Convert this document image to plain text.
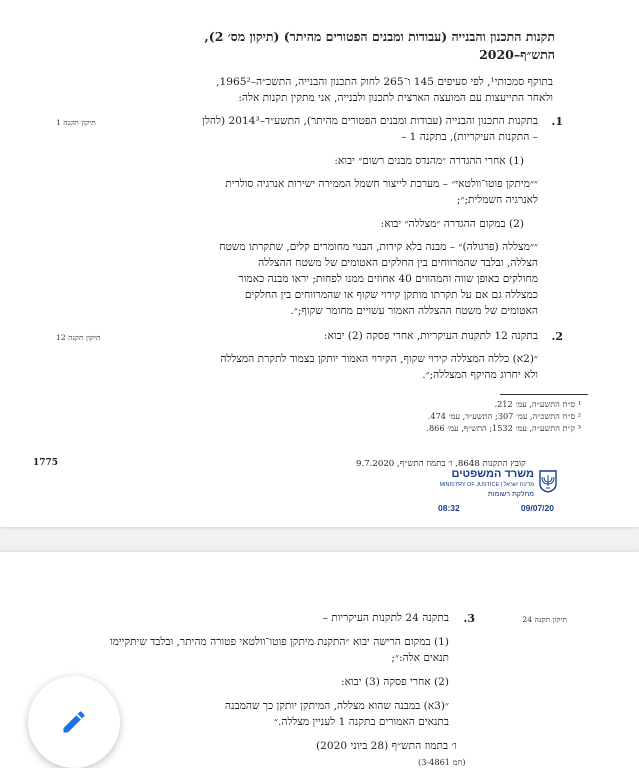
תקנות התכנון והבנייה (עבודות ומבנים הפטורים מהיתר) (תיקון מס׳ 2),
התש״ף–2020
בתוקף סמכותי¹, לפי סעיפים 145 ו־265 לחוק התכנון והבנייה, התשכ״ה–1965²,
ולאחר התייעצות עם המועצה הארצית לתכנון ולבנייה, אני מתקין תקנות אלה:
1.
תיקון תקנה 1	בתקנות התכנון והבנייה (עבודות ומבנים הפטורים מהיתר), התשע״ד–2014³ (להלן
– התקנות העיקריות), בתקנה 1 –
(1) אחרי ההגדרה ״מהנדס מבנים רשום״ יבוא:
״״מיתקן פוטו־וולטאי״ – מערכת לייצור חשמל הממירה ישירות אנרגיה סולרית
לאנרגיה חשמלית;״;
(2) במקום ההגדרה ״מצללה״ יבוא:
״״מצללה (פרגולה)״ – מבנה בלא קירות, הבנוי מחומרים קלים, שתקרתו משטח
הצללה, ובלבד שהמרווחים בין החלקים האטומים של משטח ההצללה
מחולקים באופן שווה והמהווים 40 אחוזים ממנו לפחות; יראו מבנה כאמור
כמצללה גם אם על תקרתו מותקן קירוי שקוף או שהמרווחים בין החלקים
האטומים של משטח ההצללה האמור עשויים מחומר שקוף;״.
2.
תיקון תקנה 12	בתקנה 12 לתקנות העיקריות, אחרי פסקה (2) יבוא:
״(2א) כללה המצללה קירוי שקוף, הקירוי האמור יותקן בצמוד לתקרת המצללה
ולא יחרוג מהיקף המצללה;״.
¹ ס״ח התשע״ה, עמ׳ 212.
² ס״ח התשכ״ה, עמ׳ 307; התשע״ד, עמ׳ 474.
³ ק״ת התשע״ה, עמ׳ 1532; התש״ף, עמ׳ 866.
1775	קובץ התקנות 8648, ו׳ בתמוז התש״ף, 9.7.2020
משרד המשפטים
MINISTRY OF JUSTICE | מדינת ישראל
מחלקת רשומות
09/07/20
08:32
3.	תיקון תקנה 24
בתקנה 24 לתקנות העיקריות –
(1) במקום הרישה יבוא ״התקנת מיתקן פוטו־וולטאי פטורה מהיתר, ובלבד שיתקיימו
תנאים אלה:״;
(2) אחרי פסקה (3) יבוא:
״(3א) במבנה שהוא מצללה, המיתקן יותקן כך שהמבנה
בתנאים האמורים בתקנה 1 לעניין מצללה.״
ו׳ בתמוז התש״ף (28 ביוני 2020)
(חמ 3-4861)
